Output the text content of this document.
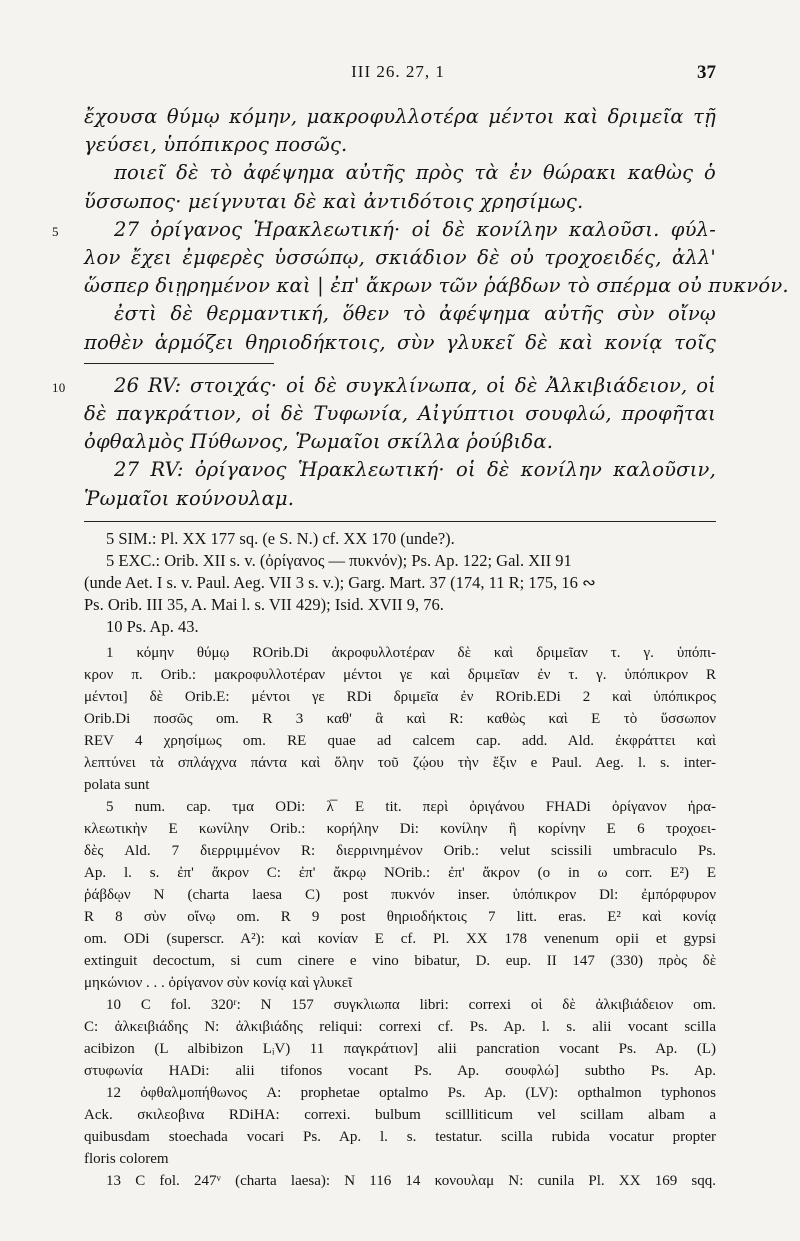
III 26. 27, 1	37
ἔχουσα θύμῳ κόμην, μακροφυλλοτέρα μέντοι καὶ δριμεῖα τῇ
γεύσει, ὑπόπικρος ποσῶς.
ποιεῖ δὲ τὸ ἀφέψημα αὐτῆς πρὸς τὰ ἐν θώρακι καθὼς ὁ
ὕσσωπος· μείγνυται δὲ καὶ ἀντιδότοις χρησίμως.
5	27 ὀρίγανος Ἡρακλεωτική· οἱ δὲ κονίλην καλοῦσι. φύλ-
λον ἔχει ἐμφερὲς ὑσσώπῳ, σκιάδιον δὲ οὐ τροχοειδές, ἀλλ'
ὥσπερ διῃρημένον καὶ | ἐπ' ἄκρων τῶν ῥάβδων τὸ σπέρμα οὐ πυκνόν.
ἐστὶ δὲ θερμαντική, ὅθεν τὸ ἀφέψημα αὐτῆς σὺν οἴνῳ
ποθὲν ἁρμόζει θηριοδήκτοις, σὺν γλυκεῖ δὲ καὶ κονίᾳ τοῖς
10 26 RV: στοιχάς· οἱ δὲ συγκλίνωπα, οἱ δὲ Ἀλκιβιάδειον, οἱ
δὲ παγκράτιον, οἱ δὲ Τυφωνία, Αἰγύπτιοι σουφλώ, προφῆται
ὀφθαλμὸς Πύθωνος, Ῥωμαῖοι σκίλλα ῥούβιδα.
27 RV: ὀρίγανος Ἡρακλεωτική· οἱ δὲ κονίλην καλοῦσιν,
Ῥωμαῖοι κούνουλαμ.
5 SIM.: Pl. XX 177 sq. (e S. N.) cf. XX 170 (unde?).
5 EXC.: Orib. XII s. v. (ὀρίγανος — πυκνόν); Ps. Ap. 122; Gal. XII 91
(unde Aet. I s. v. Paul. Aeg. VII 3 s. v.); Garg. Mart. 37 (174, 11 R; 175, 16 ∾
Ps. Orib. III 35, A. Mai l. s. VII 429); Isid. XVII 9, 76.
10 Ps. Ap. 43.
1 κόμην θύμῳ ROrib.Di ἀκροφυλλοτέραν δὲ καὶ δριμεῖαν τ. γ. ὑπόπι-
κρον π. Orib.: μακροφυλλοτέραν μέντοι γε καὶ δριμεῖαν ἐν τ. γ. ὑπόπικρον R
μέντοι] δὲ Orib.E: μέντοι γε RDi δριμεῖα ἐν ROrib.EDi 2 καὶ ὑπόπικρος
Orib.Di ποσῶς om. R 3 καθ' ἃ καὶ R: καθὼς καὶ E τὸ ὕσσωπον
REV 4 χρησίμως om. RE quae ad calcem cap. add. Ald. ἐκφράττει καὶ
λεπτύνει τὰ σπλάγχνα πάντα καὶ ὅλην τοῦ ζῴου τὴν ἕξιν e Paul. Aeg. l. s. inter-
polata sunt
5 num. cap. τμα ODi: λ̅ E tit. περὶ ὀριγάνου FHADi ὀρίγανον ἡρα-
κλεωτικὴν E κωνίλην Orib.: κορήλην Di: κονίλην ἢ κορίνην E 6 τροχοει-
δὲς Ald. 7 διερριμμένον R: διερρινημένον Orib.: velut scissili umbraculo Ps.
Ap. l. s. ἐπ' ἄκρον C: ἐπ' ἄκρῳ NOrib.: ἐπ' ἄκρον (o in ω corr. E²) E
ῥάβδῳν N (charta laesa C) post πυκνόν inser. ὑπόπικρον Dl: ἐμπόρφυρον
R 8 σὺν οἴνῳ om. R 9 post θηριοδήκτοις 7 litt. eras. E² καὶ κονίᾳ
om. ODi (superscr. A²): καὶ κονίαν E cf. Pl. XX 178 venenum opii et gypsi
extinguit decoctum, si cum cinere e vino bibatur, D. eup. II 147 (330) πρὸς δὲ
μηκώνιον . . . ὀρίγανον σὺν κονίᾳ καὶ γλυκεῖ
10 C fol. 320ʳ: N 157 συγκλιωπα libri: correxi οἱ δὲ ἀλκιβιάδειον om.
C: ἀλκειβιάδης N: ἀλκιβιάδης reliqui: correxi cf. Ps. Ap. l. s. alii vocant scilla
acibizon (L albibizon LᵢV) 11 παγκράτιον] alii pancration vocant Ps. Ap. (L)
στυφωνία HADi: alii tifonos vocant Ps. Ap. σουφλώ] subtho Ps. Ap.
12 ὀφθαλμοπήθωνος A: prophetae optalmo Ps. Ap. (LV): opthalmon typhonos
Ack. σκιλεοβινα RDiHA: correxi. bulbum scillliticum vel scillam albam a
quibusdam stoechada vocari Ps. Ap. l. s. testatur. scilla rubida vocatur propter
floris colorem
13 C fol. 247ᵛ (charta laesa): N 116 14 κονουλαμ N: cunila Pl. XX 169 sqq.
